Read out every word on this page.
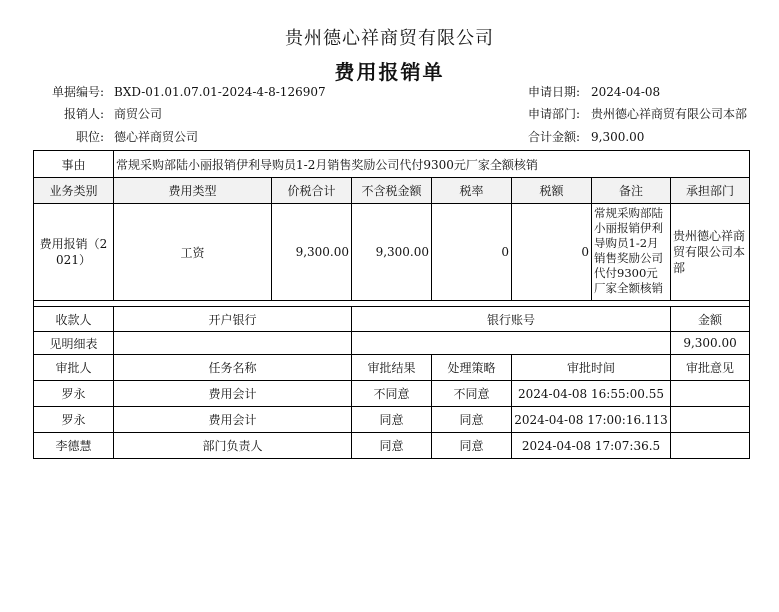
贵州德心祥商贸有限公司
费用报销单
单据编号: BXD-01.01.07.01-2024-4-8-126907	申请日期: 2024-04-08
报销人: 商贸公司	申请部门: 贵州德心祥商贸有限公司本部
职位: 德心祥商贸公司	合计金额: 9,300.00
事由	常规采购部陆小丽报销伊利导购员1-2月销售奖励公司代付9300元厂家全额核销						
业务类别	费用类型	价税合计	不含税金额	税率	税额	备注	承担部门
费用报销（2021）	工资	9,300.00	9,300.00	0	0	常规采购部陆小丽报销伊利导购员1-2月销售奖励公司代付9300元厂家全额核销	贵州德心祥商贸有限公司本部

收款人	开户银行		银行账号				金额
见明细表							9,300.00
审批人	任务名称		审批结果	处理策略	审批时间		审批意见
罗永	费用会计		不同意	不同意	2024-04-08 16:55:00.55		
罗永	费用会计		同意	同意	2024-04-08 17:00:16.113		
李德慧	部门负责人		同意	同意	2024-04-08 17:07:36.5		
